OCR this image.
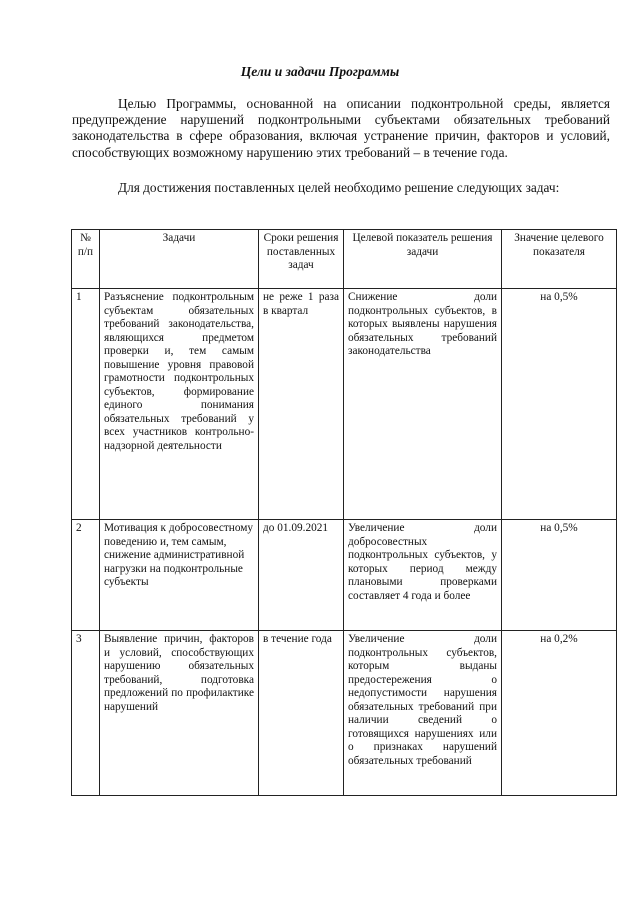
Цели и задачи Программы
Целью Программы, основанной на описании подконтрольной среды, является предупреждение нарушений подконтрольными субъектами обязательных требований законодательства в сфере образования, включая устранение причин, факторов и условий, способствующих возможному нарушению этих требований – в течение года.
Для достижения поставленных целей необходимо решение следующих задач:
№ п/п	Задачи	Сроки решения поставленных задач	Целевой показатель решения задачи	Значение целевого показателя
1	Разъяснение подконтрольным субъектам обязательных требований законодательства, являющихся предметом проверки и, тем самым повышение уровня правовой грамотности подконтрольных субъектов, формирование единого понимания обязательных требований у всех участников контрольно-надзорной деятельности	не реже 1 раза в квартал	Снижение доли подконтрольных субъектов, в которых выявлены нарушения обязательных требований законодательства	на 0,5%
2	Мотивация к добросовестному поведению и, тем самым, снижение административной нагрузки на подконтрольные субъекты	до 01.09.2021	Увеличение доли добросовестных подконтрольных субъектов, у которых период между плановыми проверками составляет 4 года и более	на 0,5%
3	Выявление причин, факторов и условий, способствующих нарушению обязательных требований, подготовка предложений по профилактике нарушений	в течение года	Увеличение доли подконтрольных субъектов, которым выданы предостережения о недопустимости нарушения обязательных требований при наличии сведений о готовящихся нарушениях или о признаках нарушений обязательных требований	на 0,2%
